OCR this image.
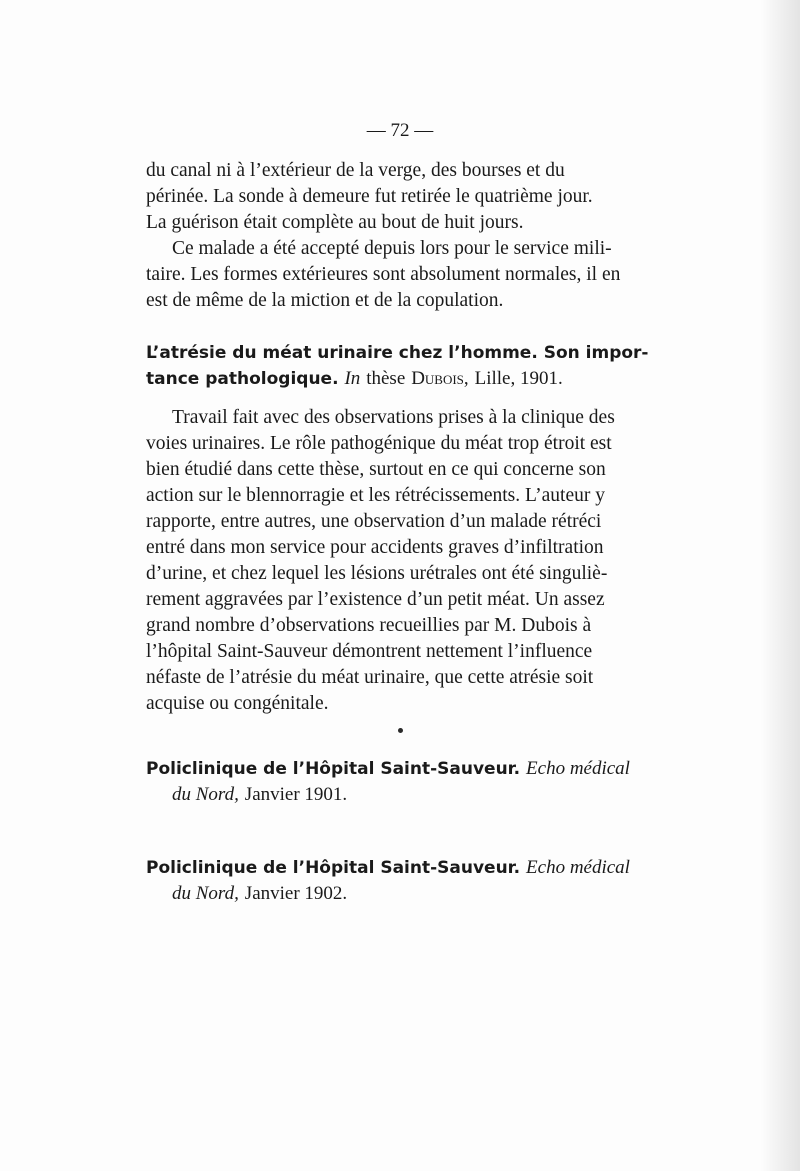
— 72 —
du canal ni à l’extérieur de la verge, des bourses et du
périnée. La sonde à demeure fut retirée le quatrième jour.
La guérison était complète au bout de huit jours.
Ce malade a été accepté depuis lors pour le service mili-
taire. Les formes extérieures sont absolument normales, il en
est de même de la miction et de la copulation.
L’atrésie du méat urinaire chez l’homme. Son impor-
tance pathologique. In thèse Dubois, Lille, 1901.
Travail fait avec des observations prises à la clinique des
voies urinaires. Le rôle pathogénique du méat trop étroit est
bien étudié dans cette thèse, surtout en ce qui concerne son
action sur le blennorragie et les rétrécissements. L’auteur y
rapporte, entre autres, une observation d’un malade rétréci
entré dans mon service pour accidents graves d’infiltration
d’urine, et chez lequel les lésions urétrales ont été singuliè-
rement aggravées par l’existence d’un petit méat. Un assez
grand nombre d’observations recueillies par M. Dubois à
l’hôpital Saint-Sauveur démontrent nettement l’influence
néfaste de l’atrésie du méat urinaire, que cette atrésie soit
acquise ou congénitale.
Policlinique de l’Hôpital Saint-Sauveur. Echo médical
du Nord, Janvier 1901.
Policlinique de l’Hôpital Saint-Sauveur. Echo médical
du Nord, Janvier 1902.
